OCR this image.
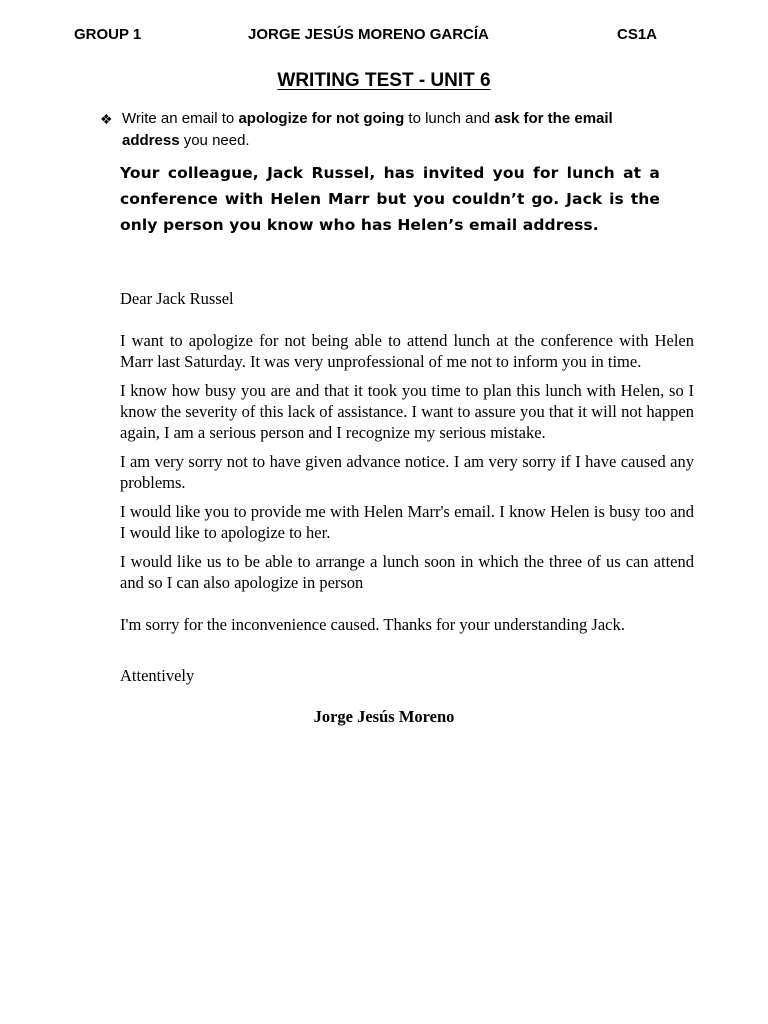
GROUP 1	JORGE JESÚS MORENO GARCÍA	CS1A
WRITING TEST - UNIT 6
❖ Write an email to apologize for not going to lunch and ask for the email address you need.
Your colleague, Jack Russel, has invited you for lunch at a conference with Helen Marr but you couldn’t go. Jack is the only person you know who has Helen’s email address.

Dear Jack Russel

I want to apologize for not being able to attend lunch at the conference with Helen Marr last Saturday. It was very unprofessional of me not to inform you in time.

I know how busy you are and that it took you time to plan this lunch with Helen, so I know the severity of this lack of assistance. I want to assure you that it will not happen again, I am a serious person and I recognize my serious mistake.

I am very sorry not to have given advance notice. I am very sorry if I have caused any problems.

I would like you to provide me with Helen Marr's email. I know Helen is busy too and I would like to apologize to her.

I would like us to be able to arrange a lunch soon in which the three of us can attend and so I can also apologize in person

I'm sorry for the inconvenience caused. Thanks for your understanding Jack.

Attentively

Jorge Jesús Moreno
